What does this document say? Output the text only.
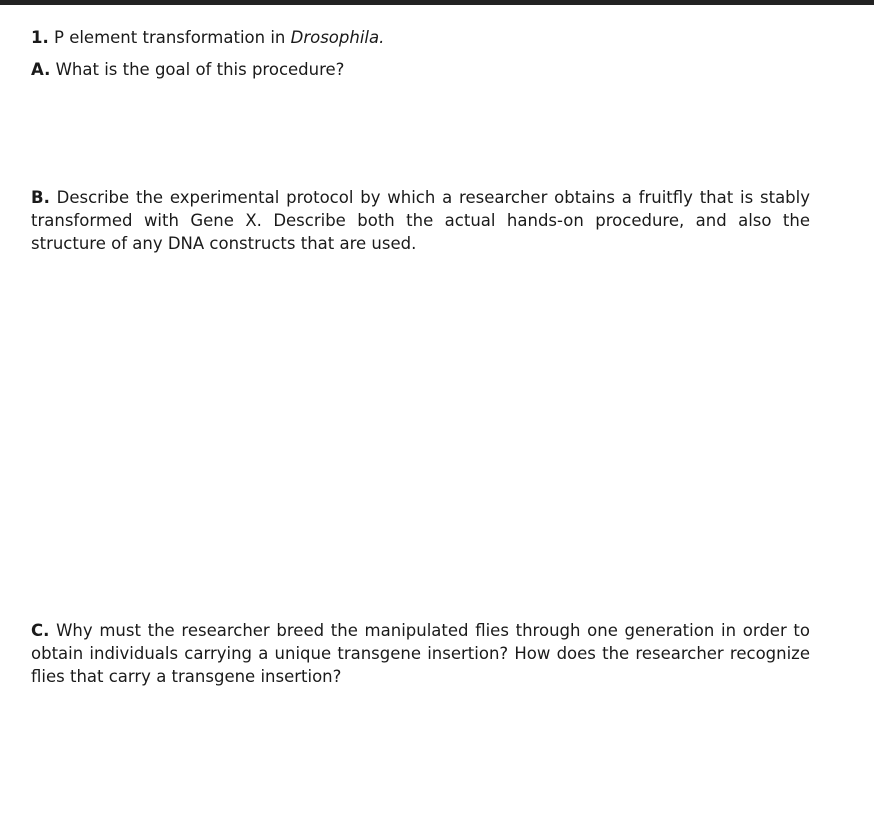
1. P element transformation in Drosophila.

A. What is the goal of this procedure?

B. Describe the experimental protocol by which a researcher obtains a fruitfly that is stably transformed with Gene X. Describe both the actual hands-on procedure, and also the structure of any DNA constructs that are used.

C. Why must the researcher breed the manipulated flies through one generation in order to obtain individuals carrying a unique transgene insertion? How does the researcher recognize flies that carry a transgene insertion?
